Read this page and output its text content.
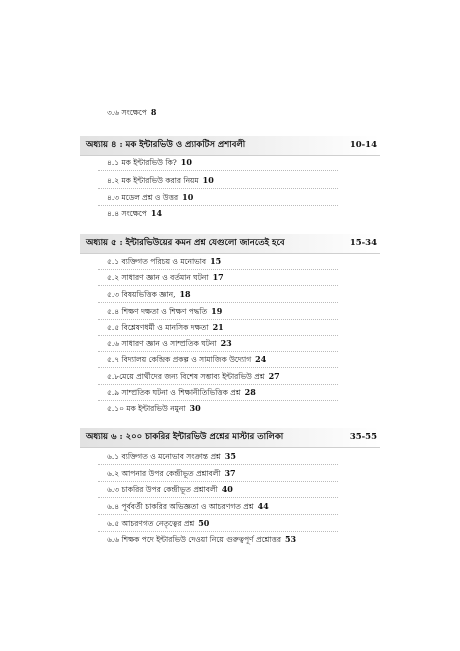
৩.৬ সংক্ষেপে 8
অধ্যায় ৪ : মক ইন্টারভিউ ও প্র্যাকটিস প্রশাবলী	10-14
৪.১ মক ইন্টারভিউ কি? 10
৪.২ মক ইন্টারভিউ করার নিয়ম 10
৪.৩ মডেল প্রশ্ন ও উত্তর 10
৪.৪ সংক্ষেপে 14
অধ্যায় ৫ : ইন্টারভিউয়ের কমন প্রশ্ন যেগুলো জানতেই হবে	15-34
৫.১ ব্যক্তিগত পরিচয় ও মনোভাব 15
৫.২ সাধারণ জ্ঞান ও বর্তমান ঘটনা 17
৫.৩ বিষয়ভিত্তিক জ্ঞান, 18
৫.৪ শিক্ষণ দক্ষতা ও শিক্ষণ পদ্ধতি 19
৫.৫ বিশ্লেষণধর্মী ও মানসিক দক্ষতা 21
৫.৬ সাধারণ জ্ঞান ও সাম্প্রতিক ঘটনা 23
৫.৭ বিদ্যালয় কেন্দ্রিক প্রকল্প ও সামাজিক উদ্যোগ 24
৫.৮মেয়ে প্রার্থীদের জন্য বিশেষ সম্ভাব্য ইন্টারভিউ প্রশ্ন 27
৫.৯ সাম্প্রতিক ঘটনা ও শিক্ষানীতিভিত্তিক প্রশ্ন 28
৫.১০ মক ইন্টারভিউ নমুনা 30
অধ্যায় ৬ : ২০০ চাকরির ইন্টারভিউ প্রশ্নের মাস্টার তালিকা	35-55
৬.১ ব্যক্তিগত ও মনোভাব সংক্রান্ত প্রশ্ন 35
৬.২ আপনার উপর কেন্দ্রীভূত প্রশ্নাবলী 37
৬.৩ চাকরির উপর কেন্দ্রীভূত প্রশ্নাবলী 40
৬.৪ পূর্ববর্তী চাকরির অভিজ্ঞতা ও আচরণগত প্রশ্ন 44
৬.৫ আচরণগত নেতৃত্বের প্রশ্ন 50
৬.৬ শিক্ষক পদে ইন্টারভিউ দেওয়া নিয়ে গুরুত্বপূর্ণ প্রশ্নোত্তর 53
